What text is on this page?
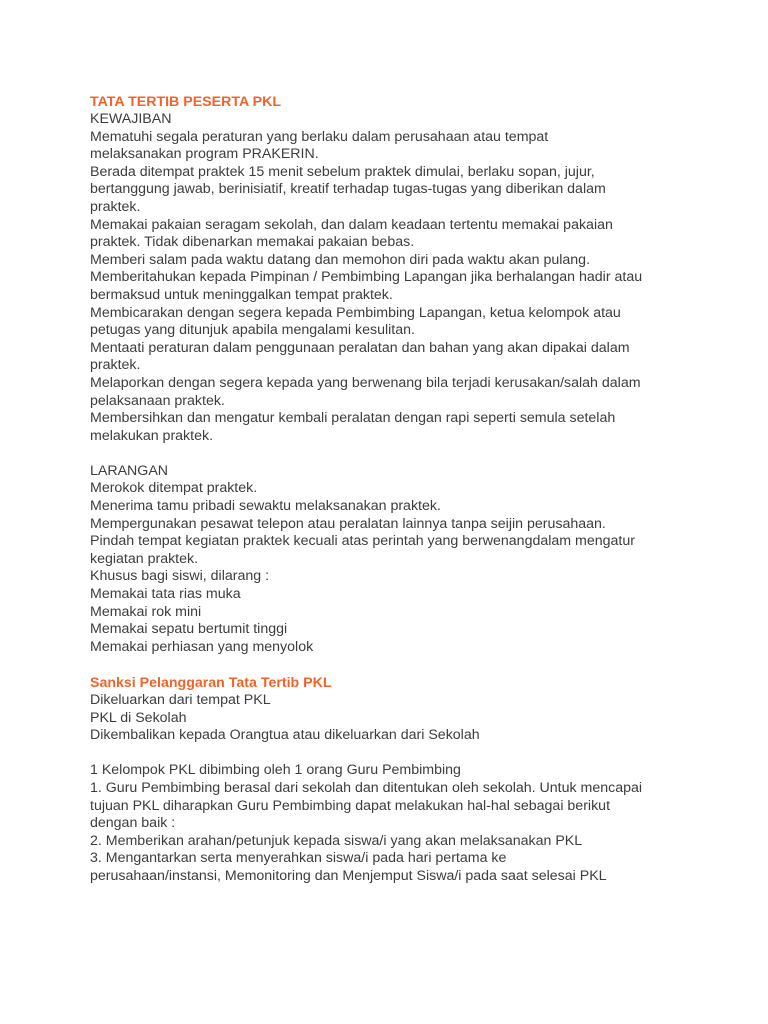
TATA TERTIB PESERTA PKL
KEWAJIBAN
Mematuhi segala peraturan yang berlaku dalam perusahaan atau tempat
melaksanakan program PRAKERIN.
Berada ditempat praktek 15 menit sebelum praktek dimulai, berlaku sopan, jujur,
bertanggung jawab, berinisiatif, kreatif terhadap tugas-tugas yang diberikan dalam
praktek.
Memakai pakaian seragam sekolah, dan dalam keadaan tertentu memakai pakaian
praktek. Tidak dibenarkan memakai pakaian bebas.
Memberi salam pada waktu datang dan memohon diri pada waktu akan pulang.
Memberitahukan kepada Pimpinan / Pembimbing Lapangan jika berhalangan hadir atau
bermaksud untuk meninggalkan tempat praktek.
Membicarakan dengan segera kepada Pembimbing Lapangan, ketua kelompok atau
petugas yang ditunjuk apabila mengalami kesulitan.
Mentaati peraturan dalam penggunaan peralatan dan bahan yang akan dipakai dalam
praktek.
Melaporkan dengan segera kepada yang berwenang bila terjadi kerusakan/salah dalam
pelaksanaan praktek.
Membersihkan dan mengatur kembali peralatan dengan rapi seperti semula setelah
melakukan praktek.
LARANGAN
Merokok ditempat praktek.
Menerima tamu pribadi sewaktu melaksanakan praktek.
Mempergunakan pesawat telepon atau peralatan lainnya tanpa seijin perusahaan.
Pindah tempat kegiatan praktek kecuali atas perintah yang berwenangdalam mengatur
kegiatan praktek.
Khusus bagi siswi, dilarang :
Memakai tata rias muka
Memakai rok mini
Memakai sepatu bertumit tinggi
Memakai perhiasan yang menyolok
Sanksi Pelanggaran Tata Tertib PKL
Dikeluarkan dari tempat PKL
PKL di Sekolah
Dikembalikan kepada Orangtua atau dikeluarkan dari Sekolah
1 Kelompok PKL dibimbing oleh 1 orang Guru Pembimbing
1. Guru Pembimbing berasal dari sekolah dan ditentukan oleh sekolah. Untuk mencapai
tujuan PKL diharapkan Guru Pembimbing dapat melakukan hal-hal sebagai berikut
dengan baik :
2. Memberikan arahan/petunjuk kepada siswa/i yang akan melaksanakan PKL
3. Mengantarkan serta menyerahkan siswa/i pada hari pertama ke
perusahaan/instansi, Memonitoring dan Menjemput Siswa/i pada saat selesai PKL
